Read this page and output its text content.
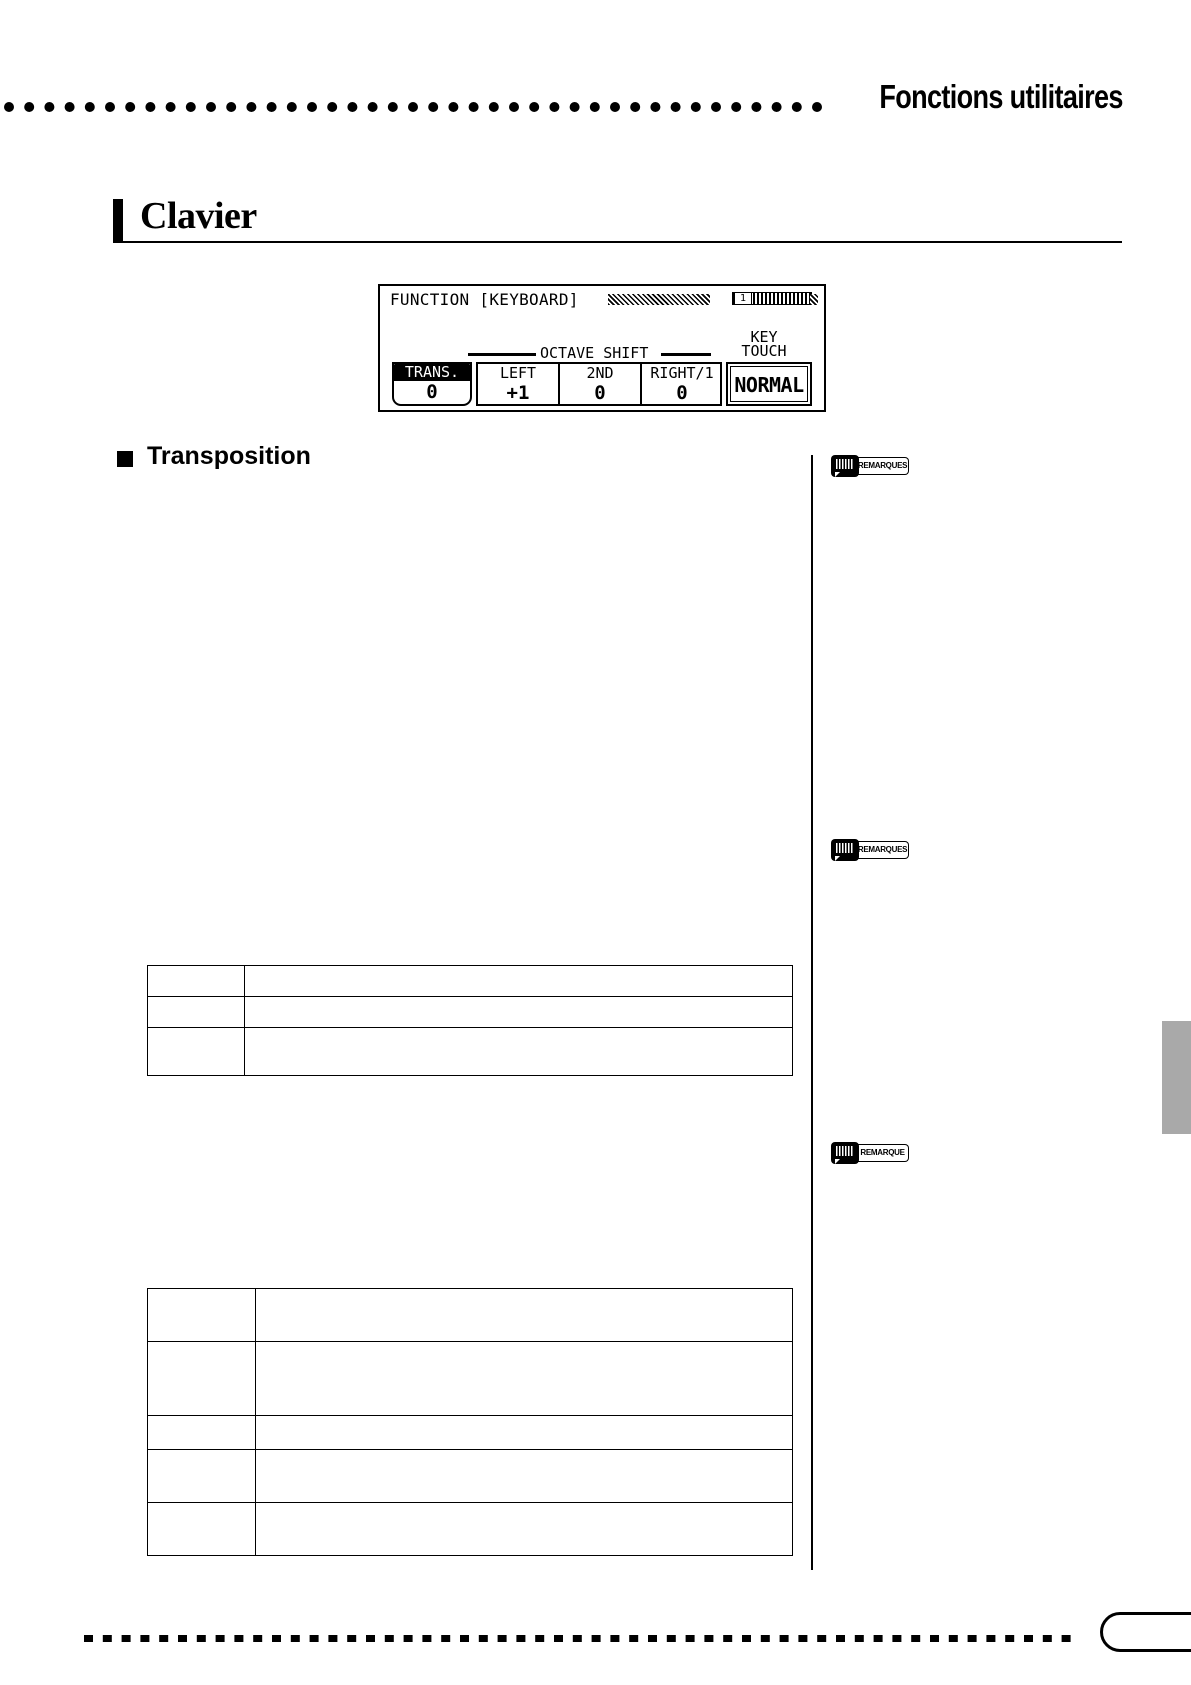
Fonctions utilitaires
Clavier
FUNCTION [KEYBOARD]	1
KEY
TOUCH
OCTAVE SHIFT
TRANS.
0
LEFT
+1
2ND
0
RIGHT/1
0	NORMAL
Transposition	REMARQUES
REMARQUES
REMARQUE
